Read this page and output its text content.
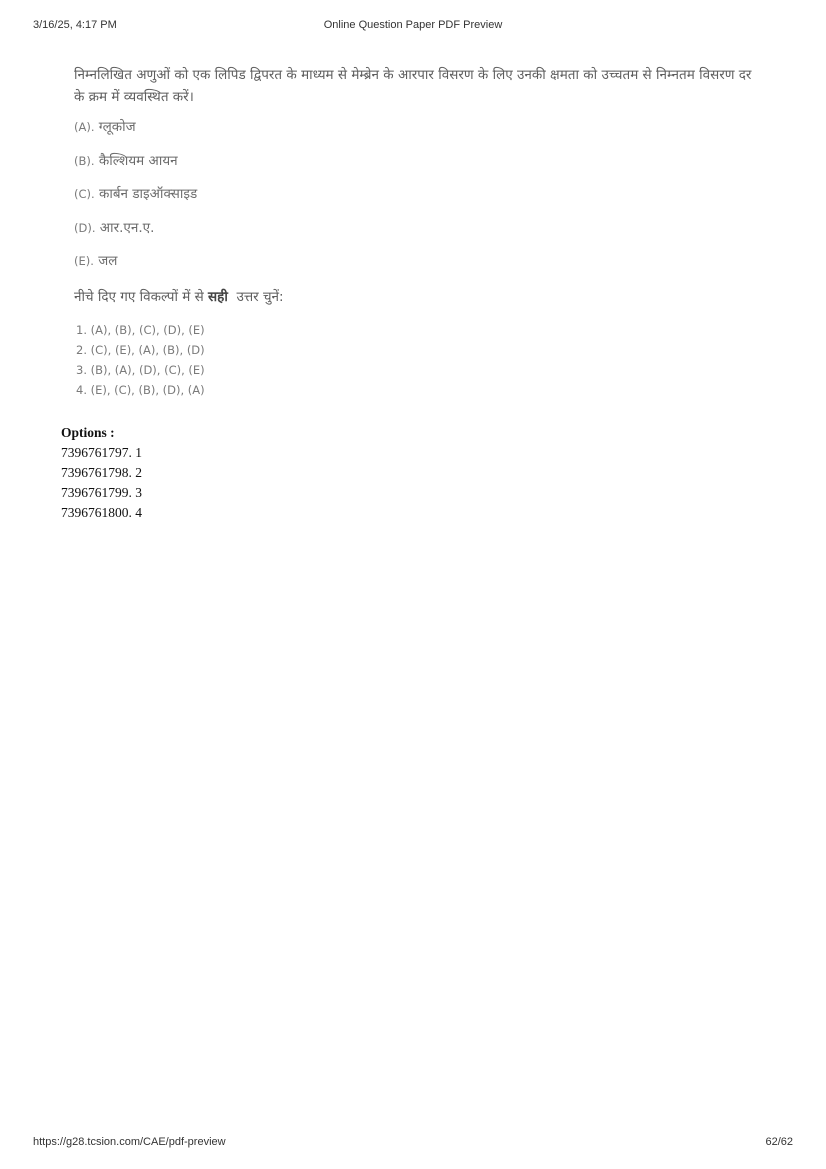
Online Question Paper PDF Preview
3/16/25, 4:17 PM

निम्नलिखित अणुओं को एक लिपिड द्विपरत के माध्यम से मेम्ब्रेन के आरपार विसरण के लिए उनकी क्षमता को उच्चतम से निम्नतम विसरण दर के क्रम में व्यवस्थित करें।

(A). ग्लूकोज
(B). कैल्शियम आयन
(C). कार्बन डाइऑक्साइड
(D). आर.एन.ए.
(E). जल
नीचे दिए गए विकल्पों में से सही उत्तर चुनें:
1. (A), (B), (C), (D), (E)
2. (C), (E), (A), (B), (D)
3. (B), (A), (D), (C), (E)
4. (E), (C), (B), (D), (A)
Options :
7396761797. 1
7396761798. 2
7396761799. 3
7396761800. 4
https://g28.tcsion.com/CAE/pdf-preview	62/62
